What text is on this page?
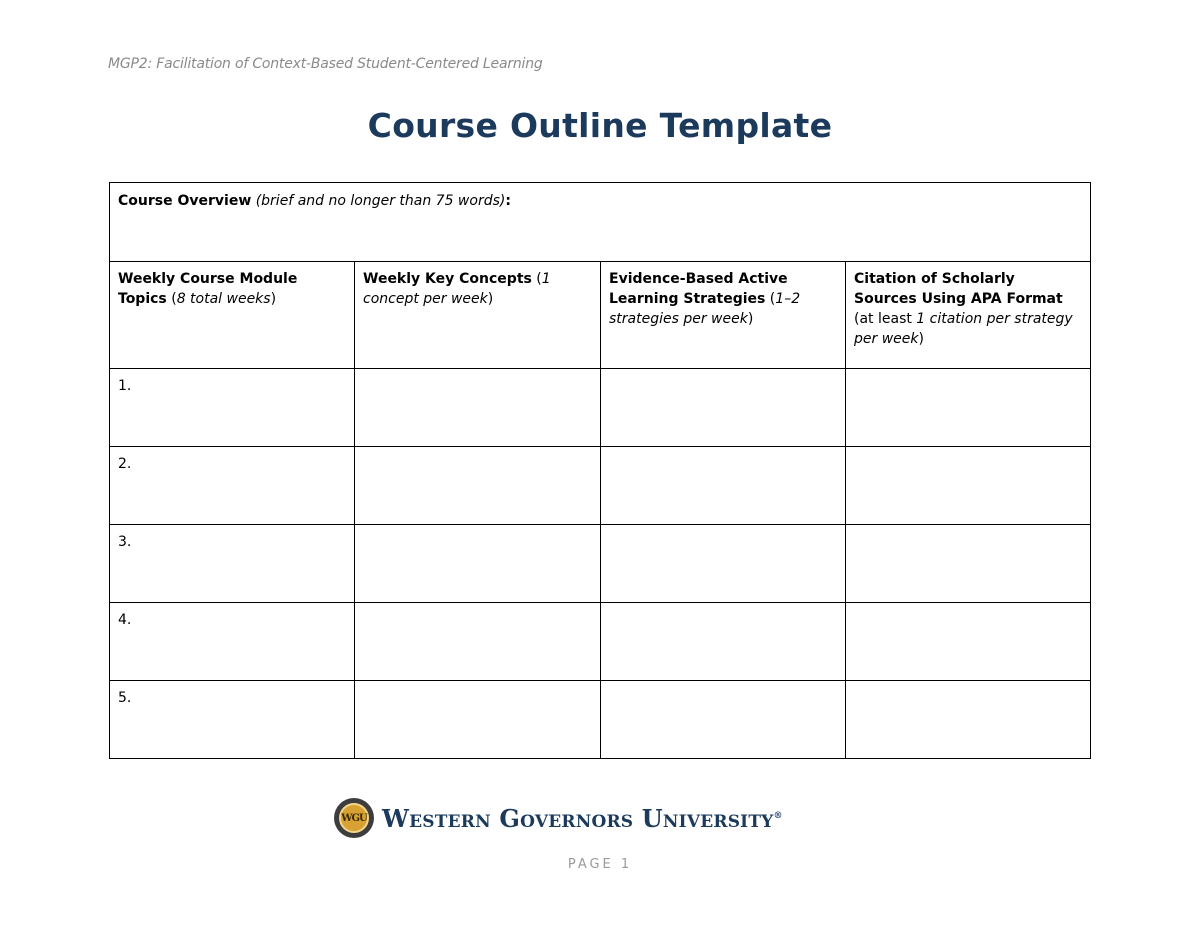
MGP2: Facilitation of Context-Based Student-Centered Learning
Course Outline Template
Course Overview (brief and no longer than 75 words):			
Weekly Course Module Topics (8 total weeks)	Weekly Key Concepts (1 concept per week)	Evidence-Based Active Learning Strategies (1–2 strategies per week)	Citation of Scholarly Sources Using APA Format (at least 1 citation per strategy per week)
1.			
2.			
3.			
4.			
5.			
WGU Western Governors University®
PAGE 1
